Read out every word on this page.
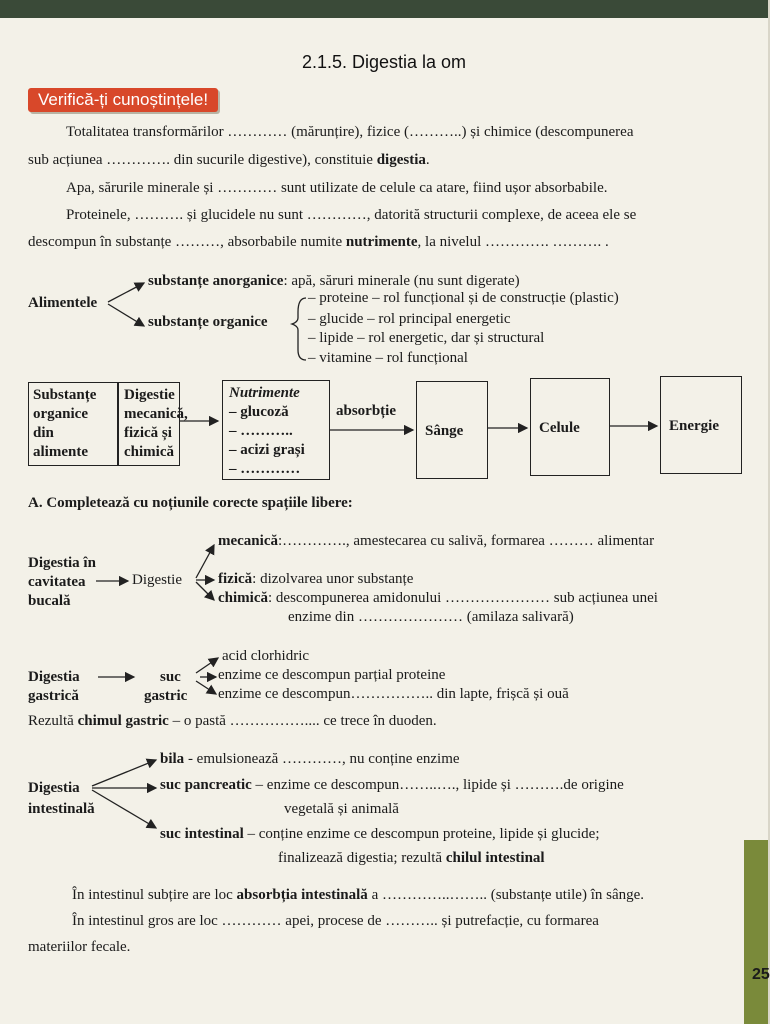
25
2.1.5. Digestia la om
Verifică-ți cunoștințele!
Totalitatea transformărilor ………… (mărunțire), fizice (………..) și chimice (descompunerea
sub acțiunea …………. din sucurile digestive), constituie digestia.
Apa, sărurile minerale și ………… sunt utilizate de celule ca atare, fiind ușor absorbabile.
Proteinele, ………. și glucidele nu sunt …………, datorită structurii complexe, de aceea ele se
descompun în substanțe ………, absorbabile numite nutrimente, la nivelul …………. ………. .
Alimentele
substanțe anorganice: apă, săruri minerale (nu sunt digerate)
substanțe organice
– proteine – rol funcțional și de construcție (plastic)
– glucide – rol principal energetic
– lipide – rol energetic, dar și structural
– vitamine – rol funcțional
Substanțe
organice
din
alimente
Digestie
mecanică,
fizică și
chimică
Nutrimente
– glucoză
– ………..
– acizi grași
– …………
absorbție
Sânge	Celule	Energie
A. Completează cu noțiunile corecte spațiile libere:
Digestia în
cavitatea
bucală
Digestie
mecanică:…………., amestecarea cu salivă, formarea ……… alimentar
fizică: dizolvarea unor substanțe
chimică: descompunerea amidonului ………………… sub acțiunea unei
enzime din ………………… (amilaza salivară)
Digestia
gastrică
suc
gastric
acid clorhidric
enzime ce descompun parțial proteine
enzime ce descompun…………….. din lapte, frișcă și ouă
Rezultă chimul gastric – o pastă …………….... ce trece în duoden.
Digestia
intestinală
bila - emulsionează …………, nu conține enzime
suc pancreatic – enzime ce descompun……..…., lipide și ……….de origine
vegetală și animală
suc intestinal – conține enzime ce descompun proteine, lipide și glucide;
finalizează digestia; rezultă chilul intestinal
În intestinul subțire are loc absorbția intestinală a …………..…….. (substanțe utile) în sânge.
În intestinul gros are loc ………… apei, procese de ……….. și putrefacție, cu formarea
materiilor fecale.
